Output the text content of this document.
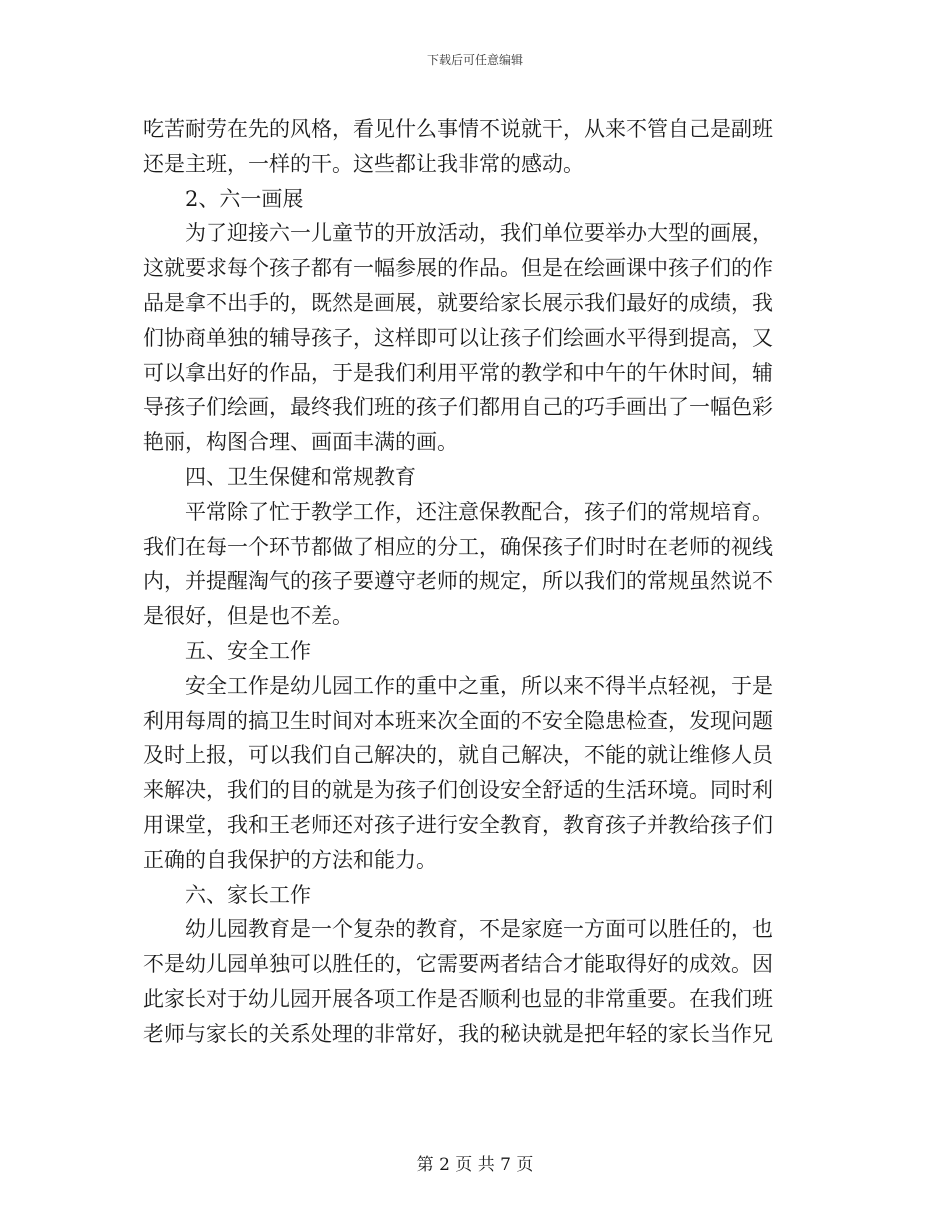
下载后可任意编辑
吃苦耐劳在先的风格，看见什么事情不说就干，从来不管自己是副班
还是主班，一样的干。这些都让我非常的感动。
2、六一画展
为了迎接六一儿童节的开放活动，我们单位要举办大型的画展，
这就要求每个孩子都有一幅参展的作品。但是在绘画课中孩子们的作
品是拿不出手的，既然是画展，就要给家长展示我们最好的成绩，我
们协商单独的辅导孩子，这样即可以让孩子们绘画水平得到提高，又
可以拿出好的作品，于是我们利用平常的教学和中午的午休时间，辅
导孩子们绘画，最终我们班的孩子们都用自己的巧手画出了一幅色彩
艳丽，构图合理、画面丰满的画。
四、卫生保健和常规教育
平常除了忙于教学工作，还注意保教配合，孩子们的常规培育。
我们在每一个环节都做了相应的分工，确保孩子们时时在老师的视线
内，并提醒淘气的孩子要遵守老师的规定，所以我们的常规虽然说不
是很好，但是也不差。
五、安全工作
安全工作是幼儿园工作的重中之重，所以来不得半点轻视，于是
利用每周的搞卫生时间对本班来次全面的不安全隐患检查，发现问题
及时上报，可以我们自己解决的，就自己解决，不能的就让维修人员
来解决，我们的目的就是为孩子们创设安全舒适的生活环境。同时利
用课堂，我和王老师还对孩子进行安全教育，教育孩子并教给孩子们
正确的自我保护的方法和能力。
六、家长工作
幼儿园教育是一个复杂的教育，不是家庭一方面可以胜任的，也
不是幼儿园单独可以胜任的，它需要两者结合才能取得好的成效。因
此家长对于幼儿园开展各项工作是否顺利也显的非常重要。在我们班
老师与家长的关系处理的非常好，我的秘诀就是把年轻的家长当作兄
第 2 页 共 7 页
